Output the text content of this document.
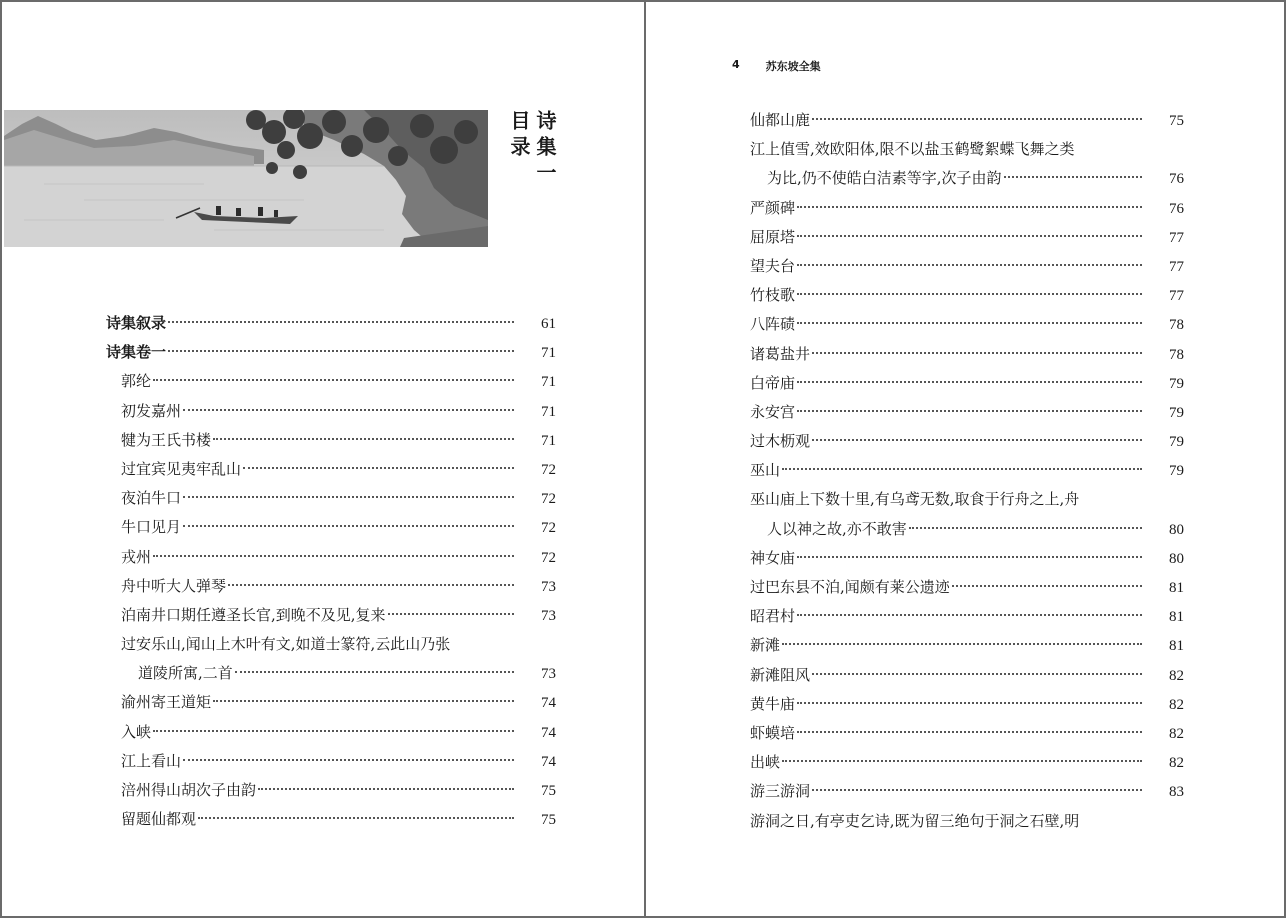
诗集一
目录
诗集叙录	61
诗集卷一	71
郭纶	71
初发嘉州	71
犍为王氏书楼	71
过宜宾见夷牢乱山	72
夜泊牛口	72
牛口见月	72
戎州	72
舟中听大人弹琴	73
泊南井口期任遵圣长官,到晚不及见,复来	73
过安乐山,闻山上木叶有文,如道士篆符,云此山乃张
道陵所寓,二首	73
渝州寄王道矩	74
入峡	74
江上看山	74
涪州得山胡次子由韵	75
留题仙都观	75
4 苏东坡全集
仙都山鹿	75
江上值雪,效欧阳体,限不以盐玉鹤鹭絮蝶飞舞之类
为比,仍不使皓白洁素等字,次子由韵	76
严颜碑	76
屈原塔	77
望夫台	77
竹枝歌	77
八阵碛	78
诸葛盐井	78
白帝庙	79
永安宫	79
过木枥观	79
巫山	79
巫山庙上下数十里,有乌鸢无数,取食于行舟之上,舟
人以神之故,亦不敢害	80
神女庙	80
过巴东县不泊,闻颇有莱公遗迹	81
昭君村	81
新滩	81
新滩阻风	82
黄牛庙	82
虾蟆培	82
出峡	82
游三游洞	83
游洞之日,有亭吏乞诗,既为留三绝句于洞之石壁,明
